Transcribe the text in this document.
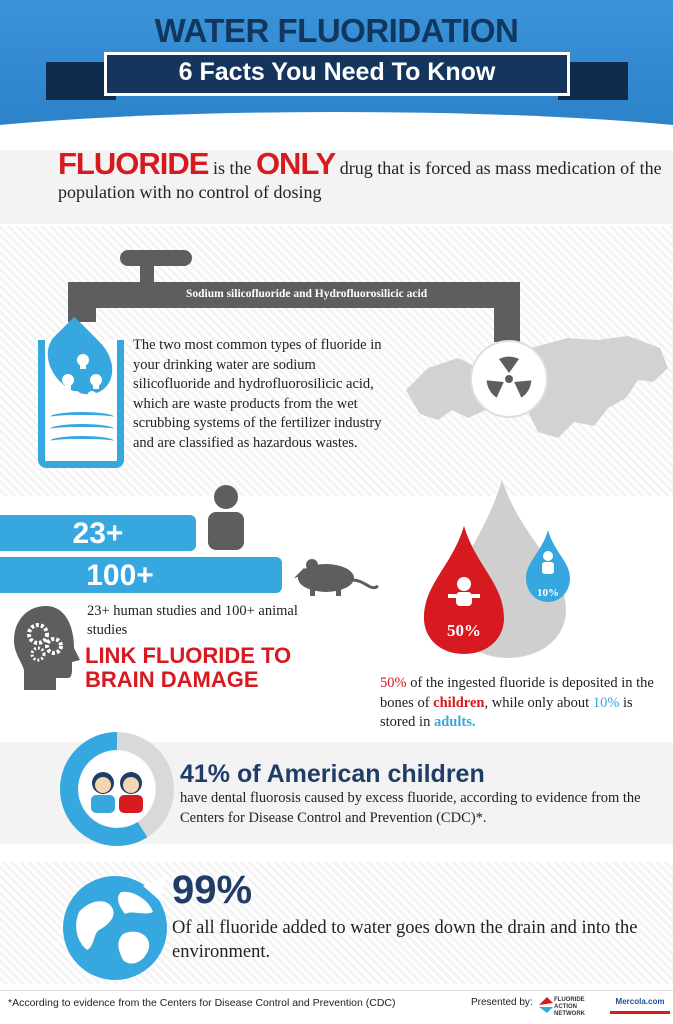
WATER FLUORIDATION
6 Facts You Need To Know
FLUORIDE is the ONLY drug that is forced as mass medication of the population with no control of dosing
Sodium silicofluoride and Hydrofluorosilicic acid
The two most common types of fluoride in your drinking water are sodium silicofluoride and hydrofluorosilicic acid, which are waste products from the wet scrubbing systems of the fertilizer industry and are classified as hazardous wastes.
23+
100+
23+ human studies and 100+ animal studies
LINK FLUORIDE TO BRAIN DAMAGE
50%
10%
50% of the ingested fluoride is deposited in the bones of children, while only about 10% is stored in adults.
41% of American children
have dental fluorosis caused by excess fluoride, according to evidence from the Centers for Disease Control and Prevention (CDC)*.
99%
Of all fluoride added to water goes down the drain and into the environment.
*According to evidence from the Centers for Disease Control and Prevention (CDC)	Presented by:	FLUORIDE ACTION NETWORK
Mercola.com
